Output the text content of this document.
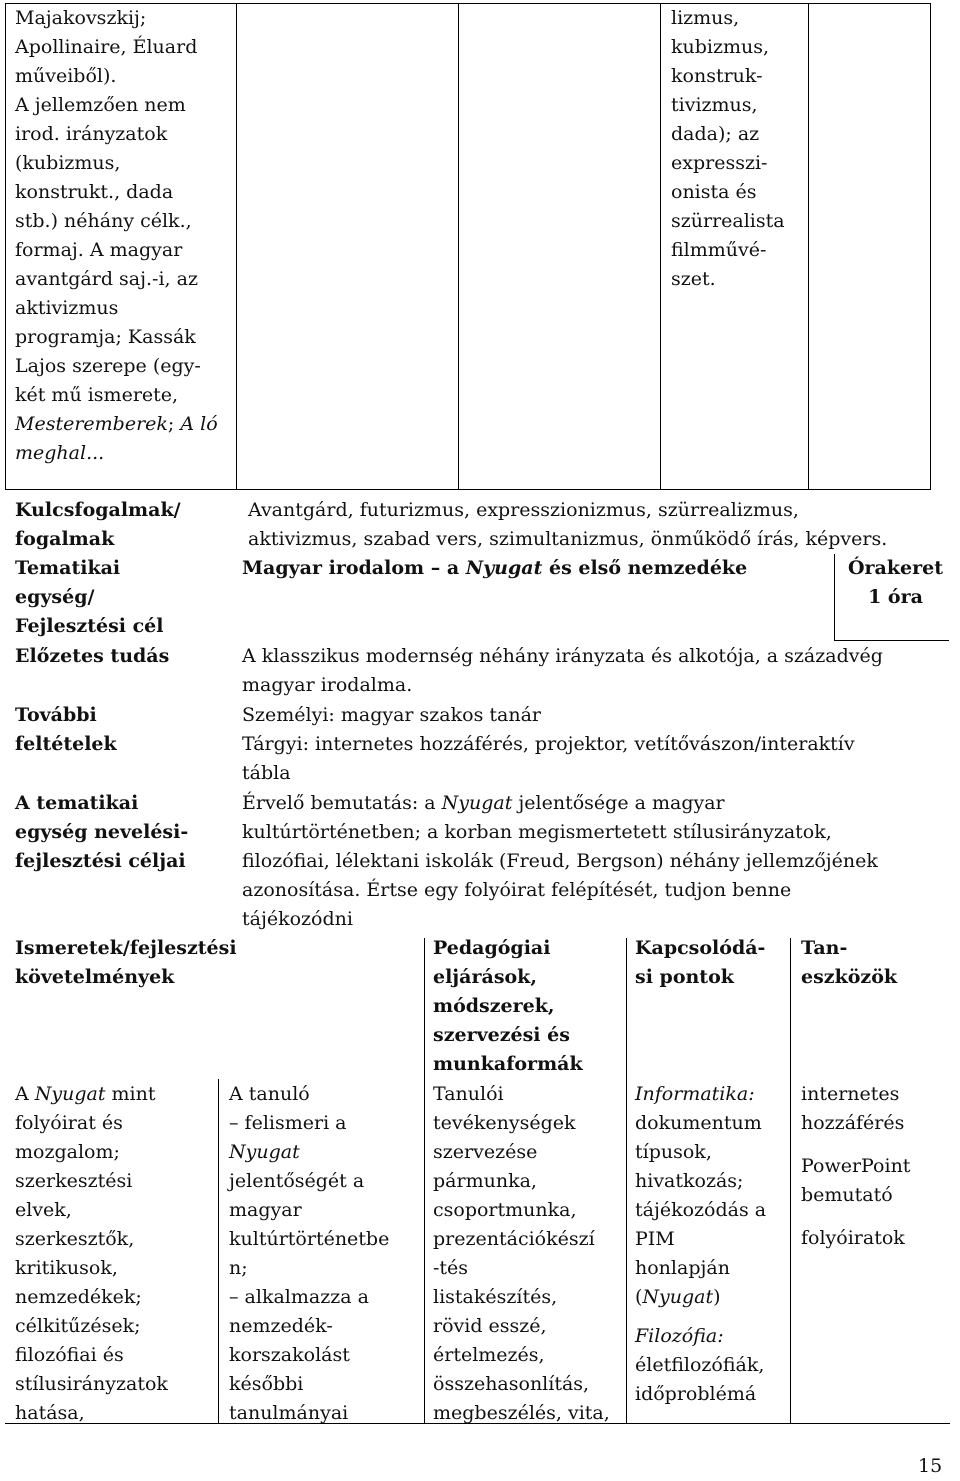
Majakovszkij;
Apollinaire, Éluard
műveiből).
A jellemzően nem
irod. irányzatok
(kubizmus,
konstrukt., dada
stb.) néhány célk.,
formaj. A magyar
avantgárd saj.-i, az
aktivizmus
programja; Kassák
Lajos szerepe (egy-
két mű ismerete,
Mesteremberek; A ló
meghal...
lizmus,
kubizmus,
konstruk-
tivizmus,
dada); az
expresszi-
onista és
szürrealista
filmművé-
szet.
Kulcsfogalmak/
fogalmak
Avantgárd, futurizmus, expresszionizmus, szürrealizmus,
aktivizmus, szabad vers, szimultanizmus, önműködő írás, képvers.
Tematikai
egység/
Fejlesztési cél
Magyar irodalom – a Nyugat és első nemzedéke	Órakeret
1 óra
Előzetes tudás	A klasszikus modernség néhány irányzata és alkotója, a századvég
magyar irodalma.
További
feltételek
Személyi: magyar szakos tanár
Tárgyi: internetes hozzáférés, projektor, vetítővászon/interaktív
tábla
A tematikai
egység nevelési-
fejlesztési céljai
Érvelő bemutatás: a Nyugat jelentősége a magyar
kultúrtörténetben; a korban megismertetett stílusirányzatok,
filozófiai, lélektani iskolák (Freud, Bergson) néhány jellemzőjének
azonosítása. Értse egy folyóirat felépítését, tudjon benne
tájékozódni
Ismeretek/fejlesztési
követelmények
Pedagógiai
eljárások,
módszerek,
szervezési és
munkaformák
Kapcsolódá-
si pontok
Tan-
eszközök
A Nyugat mint
folyóirat és
mozgalom;
szerkesztési
elvek,
szerkesztők,
kritikusok,
nemzedékek;
célkitűzések;
filozófiai és
stílusirányzatok
hatása,
A tanuló
– felismeri a
Nyugat
jelentőségét a
magyar
kultúrtörténetbe
n;
– alkalmazza a
nemzedék-
korszakolást
későbbi
tanulmányai
Tanulói
tevékenységek
szervezése
pármunka,
csoportmunka,
prezentációkészí
-tés
listakészítés,
rövid esszé,
értelmezés,
összehasonlítás,
megbeszélés, vita,
Informatika:
dokumentum
típusok,
hivatkozás;
tájékozódás a
PIM
honlapján
(Nyugat)
Filozófia:
életfilozófiák,
időproblémá
internetes
hozzáférés
PowerPoint
bemutató
folyóiratok
15
